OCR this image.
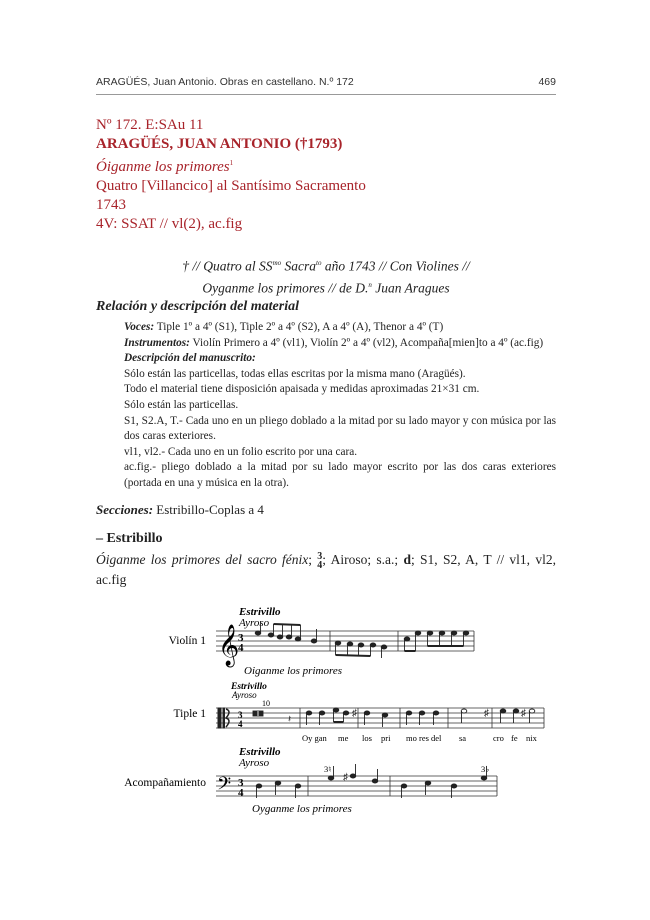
ARAGÜÉS, Juan Antonio. Obras en castellano. N.º 172	469
Nº 172. E:SAu 11
ARAGÜÉS, JUAN ANTONIO (†1793)
Óiganme los primores$^1$
Quatro [Villancico] al Santísimo Sacramento
1743
4V: SSAT // vl(2), ac.fig
† // Quatro al $SS^{mo}$ Sacra$^{to}$ año 1743 // Con Violines //
Oyganme los primores // de D.$^n$ Juan Aragues
Relación y descripción del material
Voces: Tiple 1º a 4º (S1), Tiple 2º a 4º (S2), A a 4º (A), Thenor a 4º (T)
Instrumentos: Violín Primero a 4º (vl1), Violín 2º a 4º (vl2), Acompaña[mien]to a 4º (ac.fig)
Descripción del manuscrito:
Sólo están las particellas, todas ellas escritas por la misma mano (Aragüés).
Todo el material tiene disposición apaisada y medidas aproximadas 21×31 cm.
Sólo están las particellas.
S1, S2.A, T.- Cada uno en un pliego doblado a la mitad por su lado mayor y con música por las dos caras exteriores.
vl1, vl2.- Cada uno en un folio escrito por una cara.
ac.fig.- pliego doblado a la mitad por su lado mayor escrito por las dos caras exteriores (portada en una y música en la otra).
Secciones: Estribillo-Coplas a 4
– Estribillo
Óiganme los primores del sacro fénix; 3
4; Airoso; s.a.; d; S1, S2, A, T // vl1, vl2, ac.fig
Violín 1
Estrivillo
Ayroso
𝄞
3
4
Oiganme los primores
Tiple 1
Estrivillo
Ayroso
10
3
4	𝄽
♯	♯	♯
Oy gan me los pri mo res del sa	cro fe nix
Acompañamiento
Estrivillo
Ayroso	3♮	3♭
𝄢 3
4
♯
Oyganme los primores
